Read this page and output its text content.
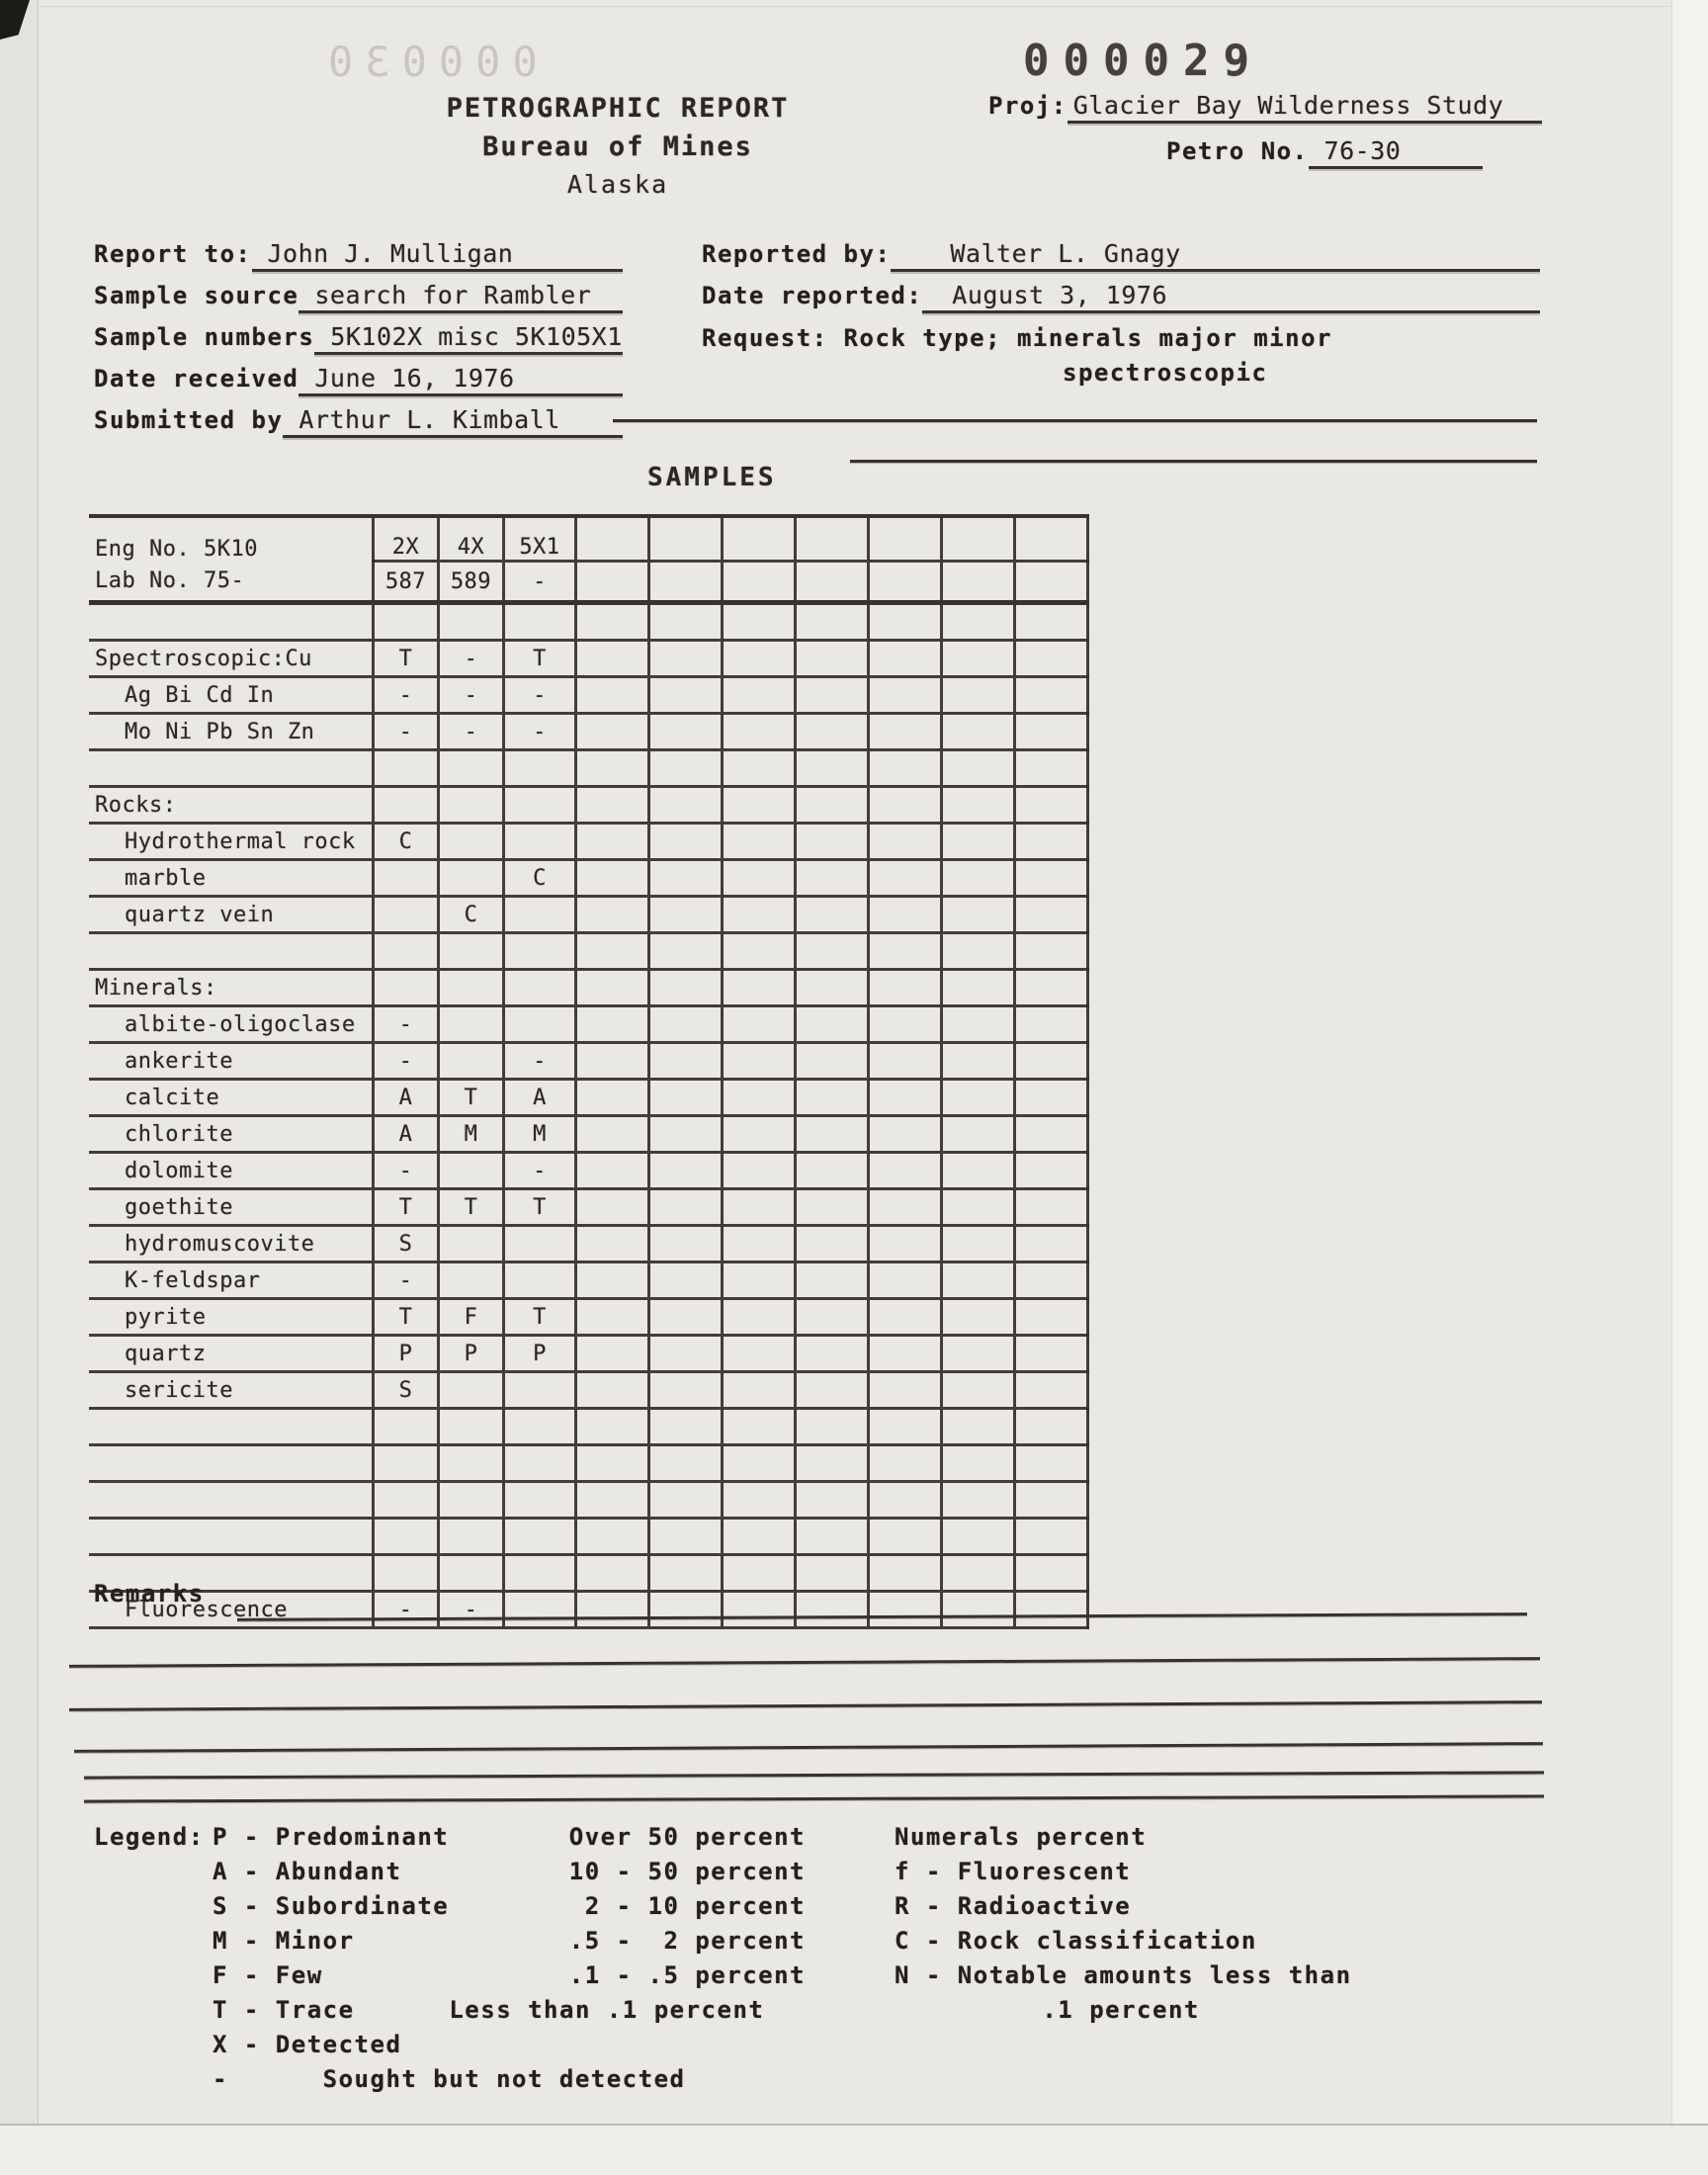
000030	000029
PETROGRAPHIC REPORT
Bureau of Mines
Alaska
Proj: Glacier Bay Wilderness Study
Petro No. 76-30
Report to: John J. Mulligan
Sample source search for Rambler
Sample numbers 5K102X misc 5K105X1
Date received June 16, 1976
Submitted by Arthur L. Kimball
Reported by:	Walter L. Gnagy
Date reported:	August 3, 1976
Request: Rock type; minerals major minor
spectroscopic
SAMPLES
Eng No. 5K10	2X	4X	5X1							
Lab No. 75-	587	589	-							

Spectroscopic: Cu	T	-	T							
Ag Bi Cd In	-	-	-							
Mo Ni Pb Sn Zn	-	-	-							

Rocks:										
Hydrothermal rock	C									
marble			C							
quartz vein		C								

Minerals:										
albite-oligoclase	-									
ankerite	-		-							
calcite	A	T	A							
chlorite	A	M	M							
dolomite	-		-							
goethite	T	T	T							
hydromuscovite	S									
K-feldspar	-									
pyrite	T	F	T							
quartz	P	P	P							
sericite	S									

Fluorescence	-	-								
Remarks
Legend: P - Predominant	Over 50 percent	Numerals percent
A - Abundant	10 - 50 percent	f - Fluorescent
S - Subordinate	2 - 10 percent	R - Radioactive
M - Minor	.5 -  2 percent	C - Rock classification
F - Few	.1 - .5 percent	N - Notable amounts less than
T - Trace	Less than .1 percent	.1 percent
X - Detected
-      Sought but not detected
